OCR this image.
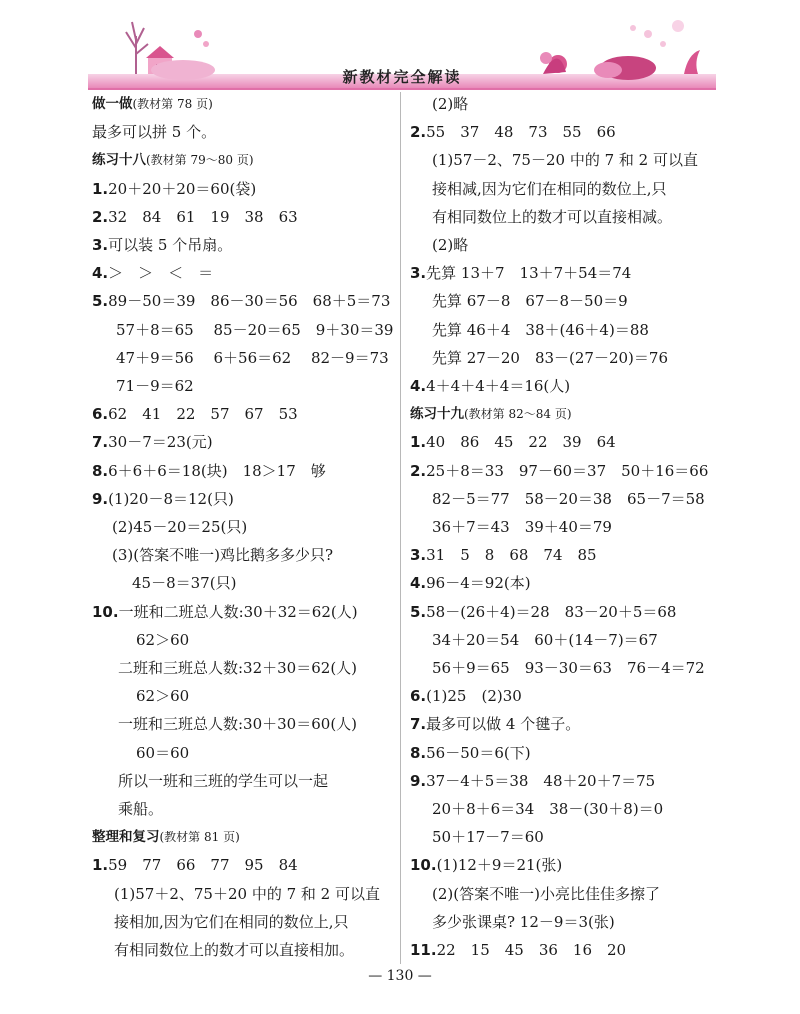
新教材完全解读
做一做(教材第 78 页)
最多可以拼 5 个。
练习十八(教材第 79～80 页)
1.20＋20＋20＝60(袋)
2.32　84　61　19　38　63
3.可以装 5 个吊扇。
4.＞　＞　＜　＝
5.89－50＝39　86－30＝56　68＋5＝73
57＋8＝65　 85－20＝65　9＋30＝39
47＋9＝56　 6＋56＝62　 82－9＝73
71－9＝62
6.62　41　22　57　67　53
7.30－7＝23(元)
8.6＋6＋6＝18(块)　18＞17　够
9.(1)20－8＝12(只)
(2)45－20＝25(只)
(3)(答案不唯一)鸡比鹅多多少只?
45－8＝37(只)
10.一班和二班总人数:30＋32＝62(人)
62＞60
二班和三班总人数:32＋30＝62(人)
62＞60
一班和三班总人数:30＋30＝60(人)
60＝60
所以一班和三班的学生可以一起
乘船。
整理和复习(教材第 81 页)
1.59　77　66　77　95　84
(1)57＋2、75＋20 中的 7 和 2 可以直
接相加,因为它们在相同的数位上,只
有相同数位上的数才可以直接相加。
(2)略
2.55　37　48　73　55　66
(1)57－2、75－20 中的 7 和 2 可以直
接相减,因为它们在相同的数位上,只
有相同数位上的数才可以直接相减。
(2)略
3.先算 13＋7　13＋7＋54＝74
先算 67－8　67－8－50＝9
先算 46＋4　38＋(46＋4)＝88
先算 27－20　83－(27－20)＝76
4.4＋4＋4＋4＝16(人)
练习十九(教材第 82～84 页)
1.40　86　45　22　39　64
2.25＋8＝33　97－60＝37　50＋16＝66
82－5＝77　58－20＝38　65－7＝58
36＋7＝43　39＋40＝79
3.31　5　8　68　74　85
4.96－4＝92(本)
5.58－(26＋4)＝28　83－20＋5＝68
34＋20＝54　60＋(14－7)＝67
56＋9＝65　93－30＝63　76－4＝72
6.(1)25　(2)30
7.最多可以做 4 个毽子。
8.56－50＝6(下)
9.37－4＋5＝38　48＋20＋7＝75
20＋8＋6＝34　38－(30＋8)＝0
50＋17－7＝60
10.(1)12＋9＝21(张)
(2)(答案不唯一)小亮比佳佳多擦了
多少张课桌? 12－9＝3(张)
11.22　15　45　36　16　20
— 130 —
